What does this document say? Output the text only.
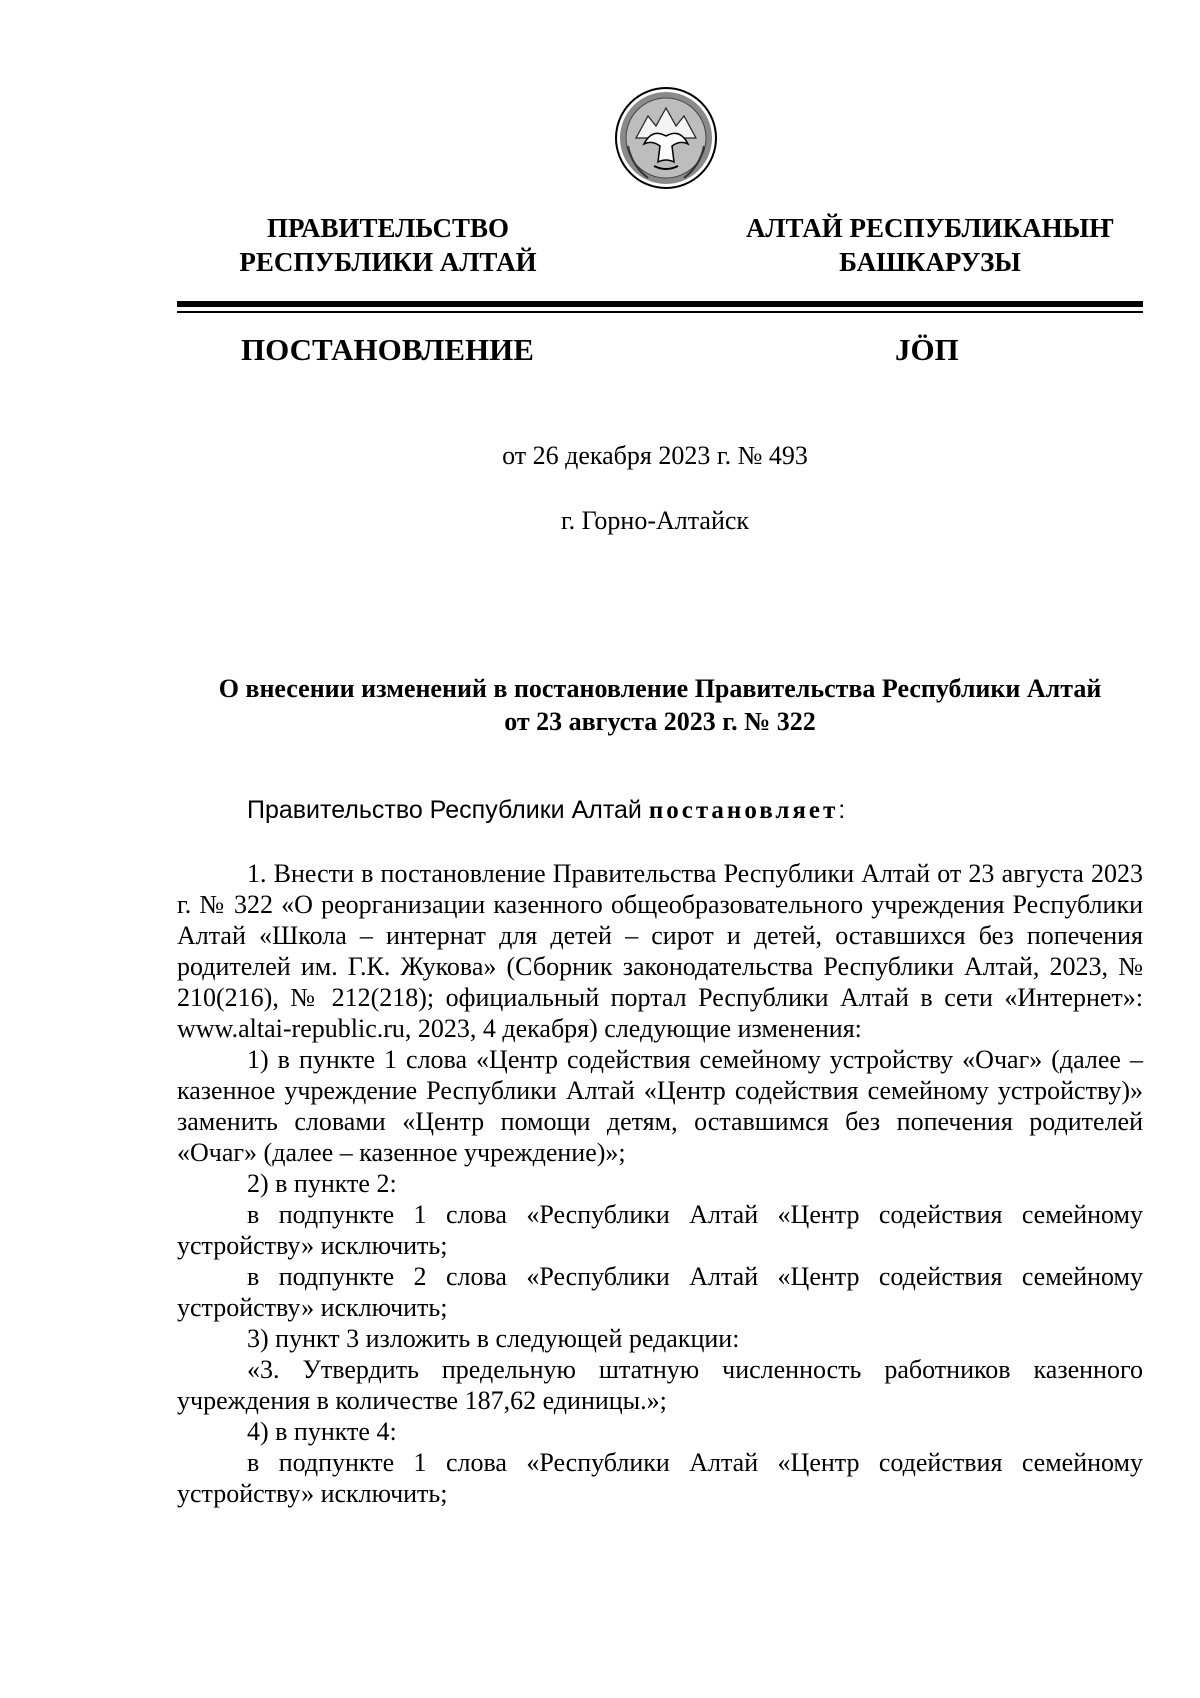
ПРАВИТЕЛЬСТВО
РЕСПУБЛИКИ АЛТАЙ
АЛТАЙ РЕСПУБЛИКАНЫҤ
БАШКАРУЗЫ
ПОСТАНОВЛЕНИЕ	JӦП
от 26 декабря 2023 г. № 493
г. Горно-Алтайск
О внесении изменений в постановление Правительства Республики Алтай
от 23 августа 2023 г. № 322

Правительство Республики Алтай постановляет:

1. Внести в постановление Правительства Республики Алтай от 23 августа 2023 г. № 322 «О реорганизации казенного общеобразовательного учреждения Республики Алтай «Школа – интернат для детей – сирот и детей, оставшихся без попечения родителей им. Г.К. Жукова» (Сборник законодательства Республики Алтай, 2023, № 210(216), № 212(218); официальный портал Республики Алтай в сети «Интернет»: www.altai-republic.ru, 2023, 4 декабря) следующие изменения:

1) в пункте 1 слова «Центр содействия семейному устройству «Очаг» (далее – казенное учреждение Республики Алтай «Центр содействия семейному устройству)» заменить словами «Центр помощи детям, оставшимся без попечения родителей «Очаг» (далее – казенное учреждение)»;

2) в пункте 2:

в подпункте 1 слова «Республики Алтай «Центр содействия семейному устройству» исключить;

в подпункте 2 слова «Республики Алтай «Центр содействия семейному устройству» исключить;

3) пункт 3 изложить в следующей редакции:

«3. Утвердить предельную штатную численность работников казенного учреждения в количестве 187,62 единицы.»;

4) в пункте 4:

в подпункте 1 слова «Республики Алтай «Центр содействия семейному устройству» исключить;
